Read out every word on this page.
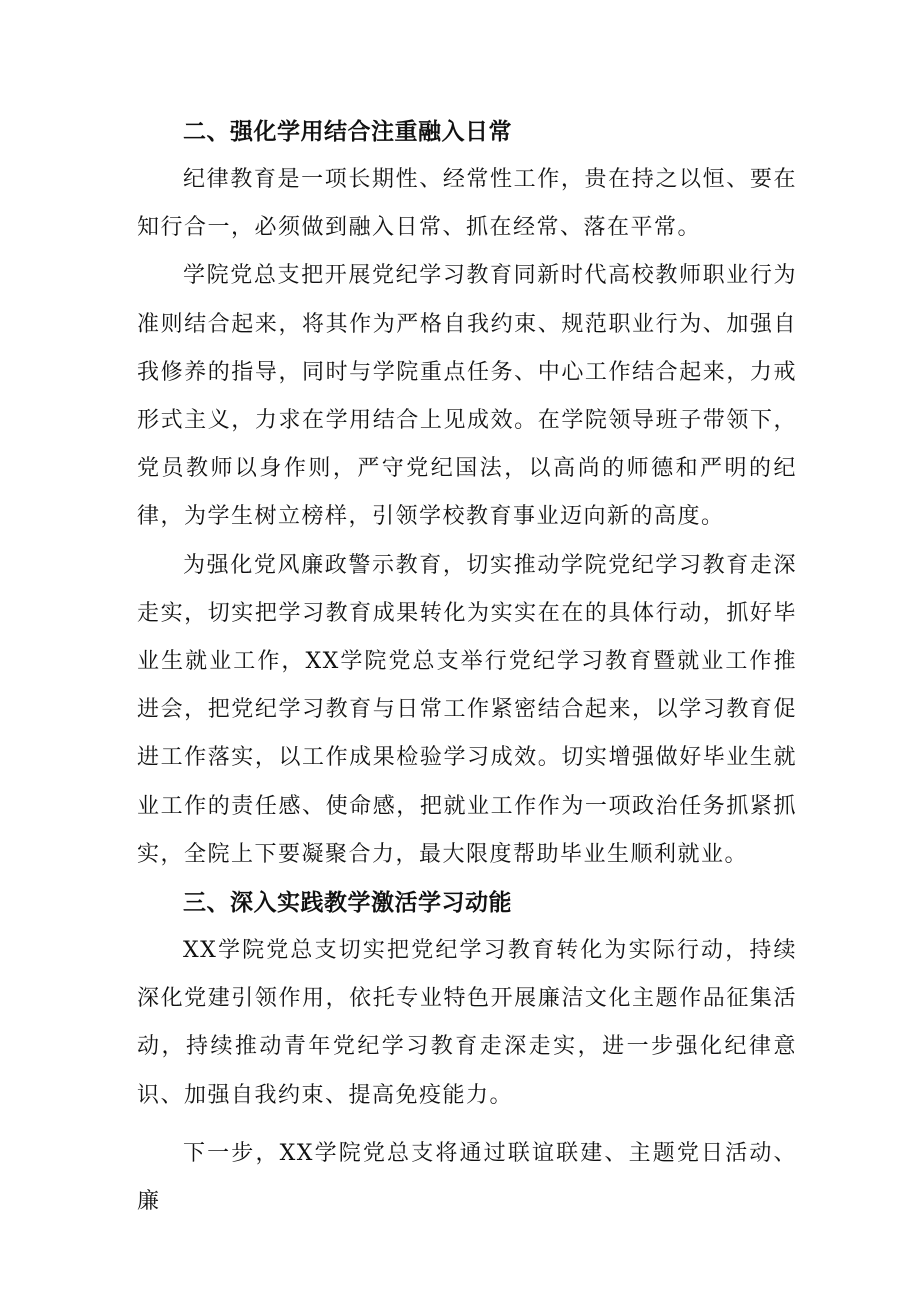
二、强化学用结合注重融入日常

纪律教育是一项长期性、经常性工作，贵在持之以恒、要在知行合一，必须做到融入日常、抓在经常、落在平常。

学院党总支把开展党纪学习教育同新时代高校教师职业行为准则结合起来，将其作为严格自我约束、规范职业行为、加强自我修养的指导，同时与学院重点任务、中心工作结合起来，力戒形式主义，力求在学用结合上见成效。在学院领导班子带领下，党员教师以身作则，严守党纪国法，以高尚的师德和严明的纪律，为学生树立榜样，引领学校教育事业迈向新的高度。

为强化党风廉政警示教育，切实推动学院党纪学习教育走深走实，切实把学习教育成果转化为实实在在的具体行动，抓好毕业生就业工作，XX学院党总支举行党纪学习教育暨就业工作推进会，把党纪学习教育与日常工作紧密结合起来，以学习教育促进工作落实，以工作成果检验学习成效。切实增强做好毕业生就业工作的责任感、使命感，把就业工作作为一项政治任务抓紧抓实，全院上下要凝聚合力，最大限度帮助毕业生顺利就业。

三、深入实践教学激活学习动能

XX学院党总支切实把党纪学习教育转化为实际行动，持续深化党建引领作用，依托专业特色开展廉洁文化主题作品征集活动，持续推动青年党纪学习教育走深走实，进一步强化纪律意识、加强自我约束、提高免疫能力。

下一步，XX学院党总支将通过联谊联建、主题党日活动、廉
